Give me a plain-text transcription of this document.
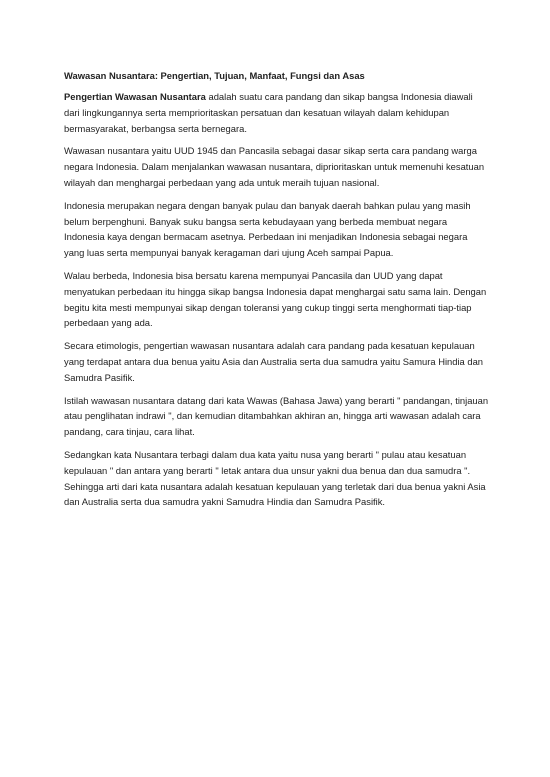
Wawasan Nusantara: Pengertian, Tujuan, Manfaat, Fungsi dan Asas

Pengertian Wawasan Nusantara adalah suatu cara pandang dan sikap bangsa Indonesia diawali dari lingkungannya serta memprioritaskan persatuan dan kesatuan wilayah dalam kehidupan bermasyarakat, berbangsa serta bernegara.

Wawasan nusantara yaitu UUD 1945 dan Pancasila sebagai dasar sikap serta cara pandang warga negara Indonesia. Dalam menjalankan wawasan nusantara, diprioritaskan untuk memenuhi kesatuan wilayah dan menghargai perbedaan yang ada untuk meraih tujuan nasional.

Indonesia merupakan negara dengan banyak pulau dan banyak daerah bahkan pulau yang masih belum berpenghuni. Banyak suku bangsa serta kebudayaan yang berbeda membuat negara Indonesia kaya dengan bermacam asetnya. Perbedaan ini menjadikan Indonesia sebagai negara yang luas serta mempunyai banyak keragaman dari ujung Aceh sampai Papua.

Walau berbeda, Indonesia bisa bersatu karena mempunyai Pancasila dan UUD yang dapat menyatukan perbedaan itu hingga sikap bangsa Indonesia dapat menghargai satu sama lain. Dengan begitu kita mesti mempunyai sikap dengan toleransi yang cukup tinggi serta menghormati tiap-tiap perbedaan yang ada.

Secara etimologis, pengertian wawasan nusantara adalah cara pandang pada kesatuan kepulauan yang terdapat antara dua benua yaitu Asia dan Australia serta dua samudra yaitu Samura Hindia dan Samudra Pasifik.

Istilah wawasan nusantara datang dari kata Wawas (Bahasa Jawa) yang berarti " pandangan, tinjauan atau penglihatan indrawi ", dan kemudian ditambahkan akhiran an, hingga arti wawasan adalah cara pandang, cara tinjau, cara lihat.

Sedangkan kata Nusantara terbagi dalam dua kata yaitu nusa yang berarti " pulau atau kesatuan kepulauan " dan antara yang berarti " letak antara dua unsur yakni dua benua dan dua samudra ". Sehingga arti dari kata nusantara adalah kesatuan kepulauan yang terletak dari dua benua yakni Asia dan Australia serta dua samudra yakni Samudra Hindia dan Samudra Pasifik.
